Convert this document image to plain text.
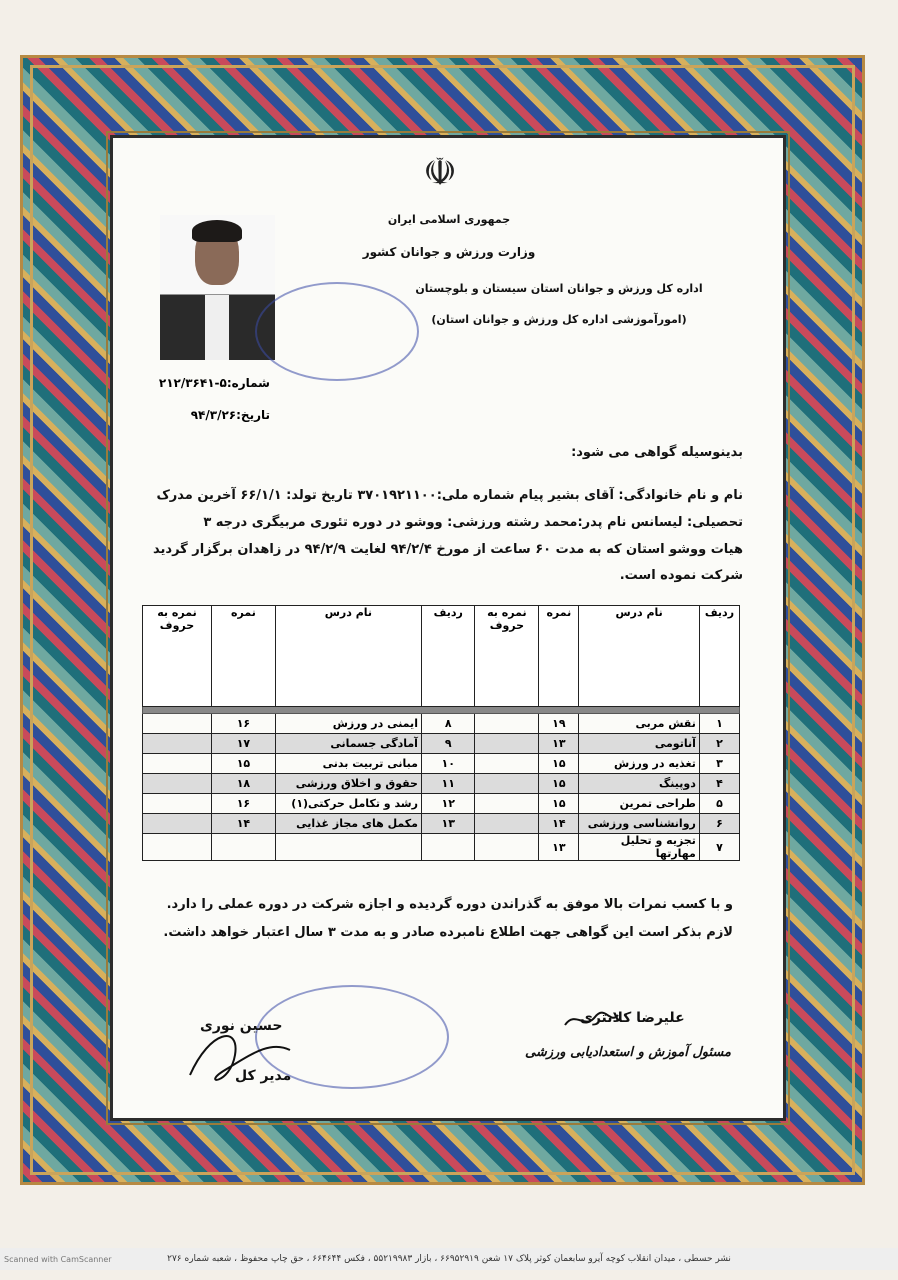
☫
جمهوری اسلامی ایران
وزارت ورزش و جوانان کشور
اداره کل ورزش و جوانان استان سیستان و بلوچستان
(امورآموزشی اداره کل ورزش و جوانان استان)
شماره:۵-۲۱۲/۳۶۴۱
تاریخ:۹۴/۳/۲۶
بدینوسیله گواهی می شود:
نام و نام خانوادگی: آقای بشیر پیام شماره ملی:۳۷۰۱۹۲۱۱۰۰ تاریخ تولد: ۶۶/۱/۱ آخرین مدرک
تحصیلی: لیسانس نام پدر:محمد رشته ورزشی: ووشو در دوره تئوری مربیگری درجه ۳
هیات ووشو استان که به مدت ۶۰ ساعت از مورخ ۹۴/۲/۴ لغایت ۹۴/۲/۹ در زاهدان برگزار گردید
شرکت نموده است.
ردیف	نام درس	نمره	نمره به حروف	ردیف	نام درس	نمره	نمره به حروف

۱	نقش مربی	۱۹		۸	ایمنی در ورزش	۱۶	
۲	آناتومی	۱۳		۹	آمادگی جسمانی	۱۷	
۳	تغذیه در ورزش	۱۵		۱۰	مبانی تربیت بدنی	۱۵	
۴	دوپینگ	۱۵		۱۱	حقوق و اخلاق ورزشی	۱۸	
۵	طراحی تمرین	۱۵		۱۲	رشد و تکامل حرکتی(۱)	۱۶	
۶	روانشناسی ورزشی	۱۴		۱۳	مکمل های مجاز غذایی	۱۴	
۷	تجزیه و تحلیل مهارتها	۱۳					
و با کسب نمرات بالا موفق به گذراندن دوره گردیده و اجازه شرکت در دوره عملی را دارد.
لازم بذکر است این گواهی جهت اطلاع نامبرده صادر و به مدت ۳ سال اعتبار خواهد داشت.
علیرضا کلانتری
مسئول آموزش و استعدادیابی ورزشی
حسین نوری
مدیر کل
نشر حسطی ، میدان انقلاب کوچه آیرو سابعمان کوثر پلاک ۱۷ شعن ۶۶۹۵۲۹۱۹ ، بازار ۵۵۲۱۹۹۸۳ ، فکس ۶۶۴۶۴۴ ، حق چاپ محفوظ ، شعبه شماره ۲۷۶
Scanned with CamScanner
